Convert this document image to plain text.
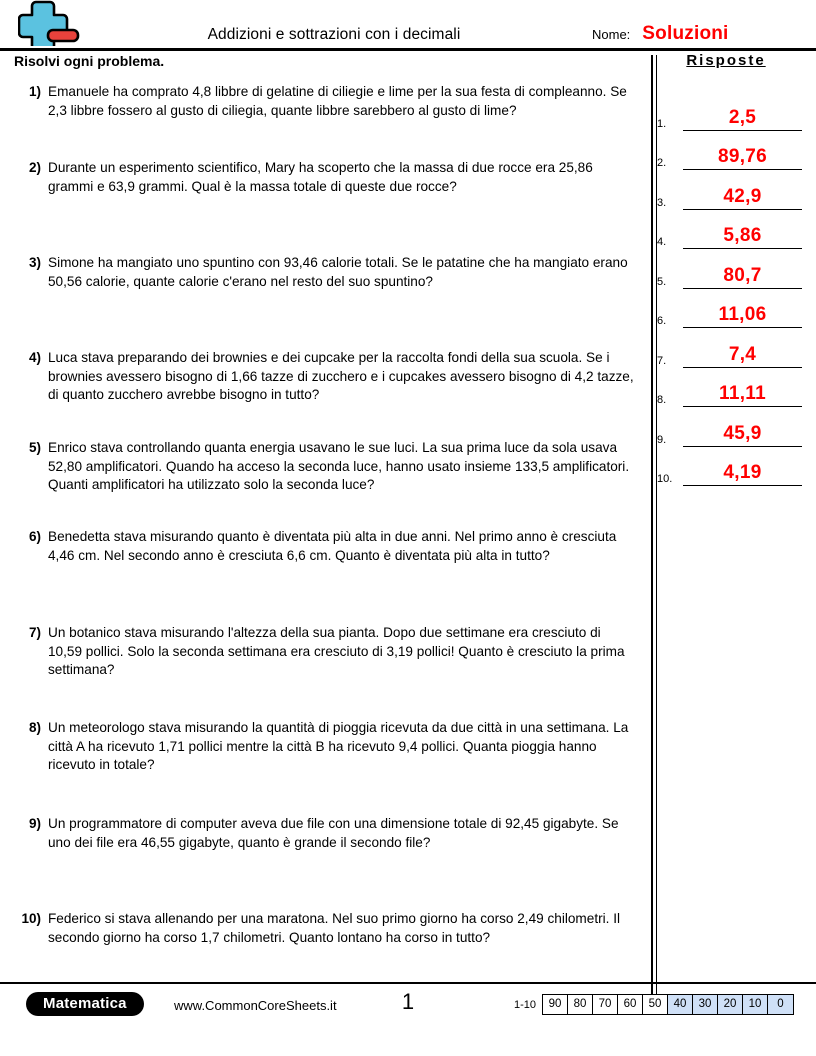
Addizioni e sottrazioni con i decimali	Nome: Soluzioni
Risolvi ogni problema.	Risposte
1) Emanuele ha comprato 4,8 libbre di gelatine di ciliegie e lime per la sua festa di compleanno. Se 2,3 libbre fossero al gusto di ciliegia, quante libbre sarebbero al gusto di lime?
2) Durante un esperimento scientifico, Mary ha scoperto che la massa di due rocce era 25,86 grammi e 63,9 grammi. Qual è la massa totale di queste due rocce?
3) Simone ha mangiato uno spuntino con 93,46 calorie totali. Se le patatine che ha mangiato erano 50,56 calorie, quante calorie c'erano nel resto del suo spuntino?
4) Luca stava preparando dei brownies e dei cupcake per la raccolta fondi della sua scuola. Se i brownies avessero bisogno di 1,66 tazze di zucchero e i cupcakes avessero bisogno di 4,2 tazze, di quanto zucchero avrebbe bisogno in tutto?
5) Enrico stava controllando quanta energia usavano le sue luci. La sua prima luce da sola usava 52,80 amplificatori. Quando ha acceso la seconda luce, hanno usato insieme 133,5 amplificatori. Quanti amplificatori ha utilizzato solo la seconda luce?
6) Benedetta stava misurando quanto è diventata più alta in due anni. Nel primo anno è cresciuta 4,46 cm. Nel secondo anno è cresciuta 6,6 cm. Quanto è diventata più alta in tutto?
7) Un botanico stava misurando l'altezza della sua pianta. Dopo due settimane era cresciuto di 10,59 pollici. Solo la seconda settimana era cresciuto di 3,19 pollici! Quanto è cresciuto la prima settimana?
8) Un meteorologo stava misurando la quantità di pioggia ricevuta da due città in una settimana. La città A ha ricevuto 1,71 pollici mentre la città B ha ricevuto 9,4 pollici. Quanta pioggia hanno ricevuto in totale?
9) Un programmatore di computer aveva due file con una dimensione totale di 92,45 gigabyte. Se uno dei file era 46,55 gigabyte, quanto è grande il secondo file?
10) Federico si stava allenando per una maratona. Nel suo primo giorno ha corso 2,49 chilometri. Il secondo giorno ha corso 1,7 chilometri. Quanto lontano ha corso in tutto?
1.	2,5
2.	89,76
3.	42,9
4.	5,86
5.	80,7
6.	11,06
7.	7,4
8.	11,11
9.	45,9
10.	4,19
Matematica	www.CommonCoreSheets.it	1	1-10	90	80	70	60	50	40	30	20	10	0
